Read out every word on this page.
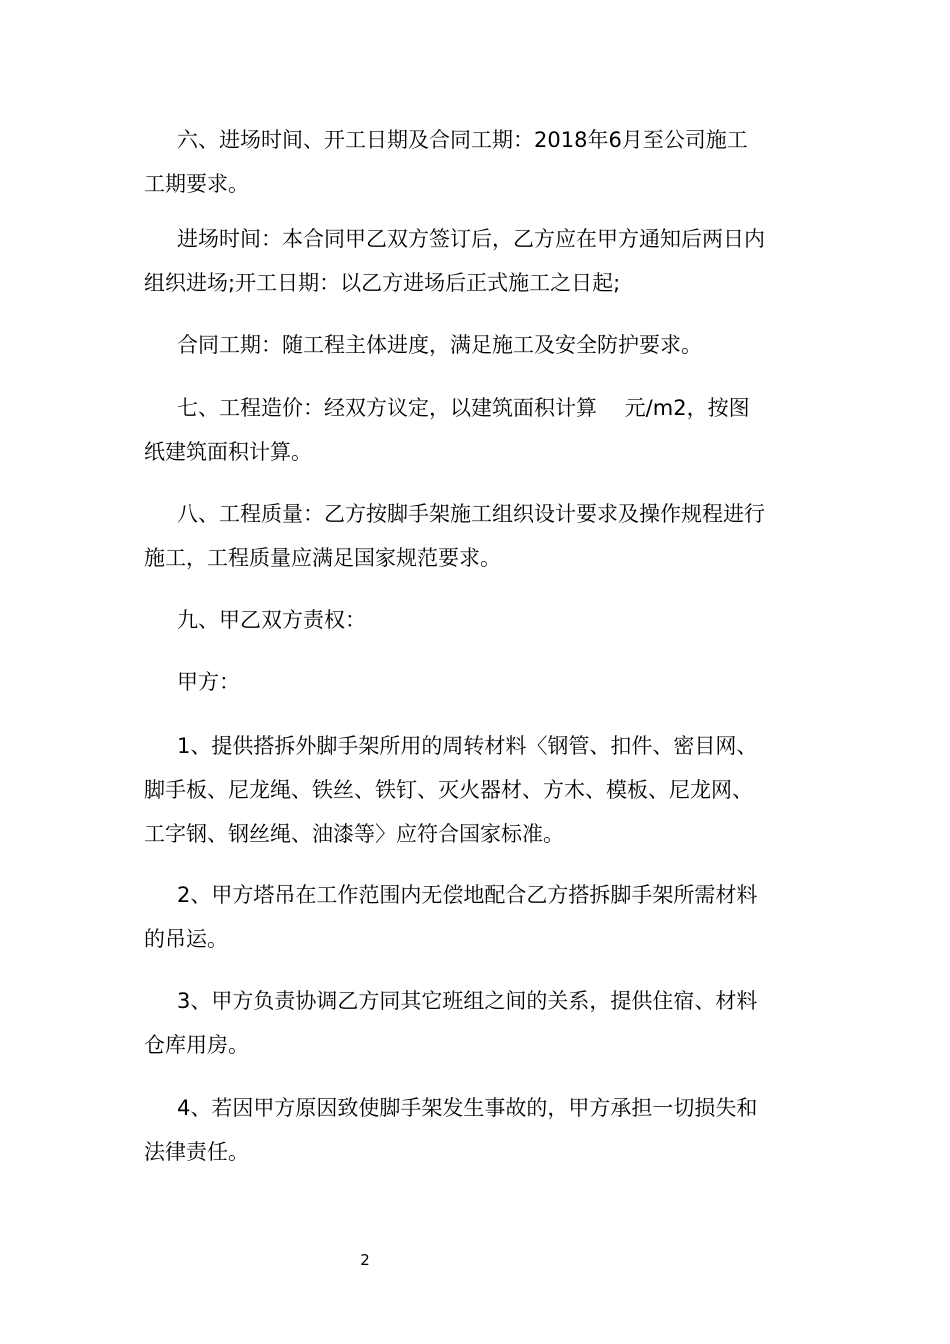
六、进场时间、开工日期及合同工期：2018年6月至公司施工
工期要求。
进场时间：本合同甲乙双方签订后，乙方应在甲方通知后两日内
组织进场;开工日期：以乙方进场后正式施工之日起;
合同工期：随工程主体进度，满足施工及安全防护要求。
七、工程造价：经双方议定，以建筑面积计算　 元/m2，按图
纸建筑面积计算。
八、工程质量：乙方按脚手架施工组织设计要求及操作规程进行
施工，工程质量应满足国家规范要求。
九、甲乙双方责权：
甲方：
1、提供搭拆外脚手架所用的周转材料〈钢管、扣件、密目网、
脚手板、尼龙绳、铁丝、铁钉、灭火器材、方木、模板、尼龙网、
工字钢、钢丝绳、油漆等〉应符合国家标准。
2、甲方塔吊在工作范围内无偿地配合乙方搭拆脚手架所需材料
的吊运。
3、甲方负责协调乙方同其它班组之间的关系，提供住宿、材料
仓库用房。
4、若因甲方原因致使脚手架发生事故的，甲方承担一切损失和
法律责任。
2
